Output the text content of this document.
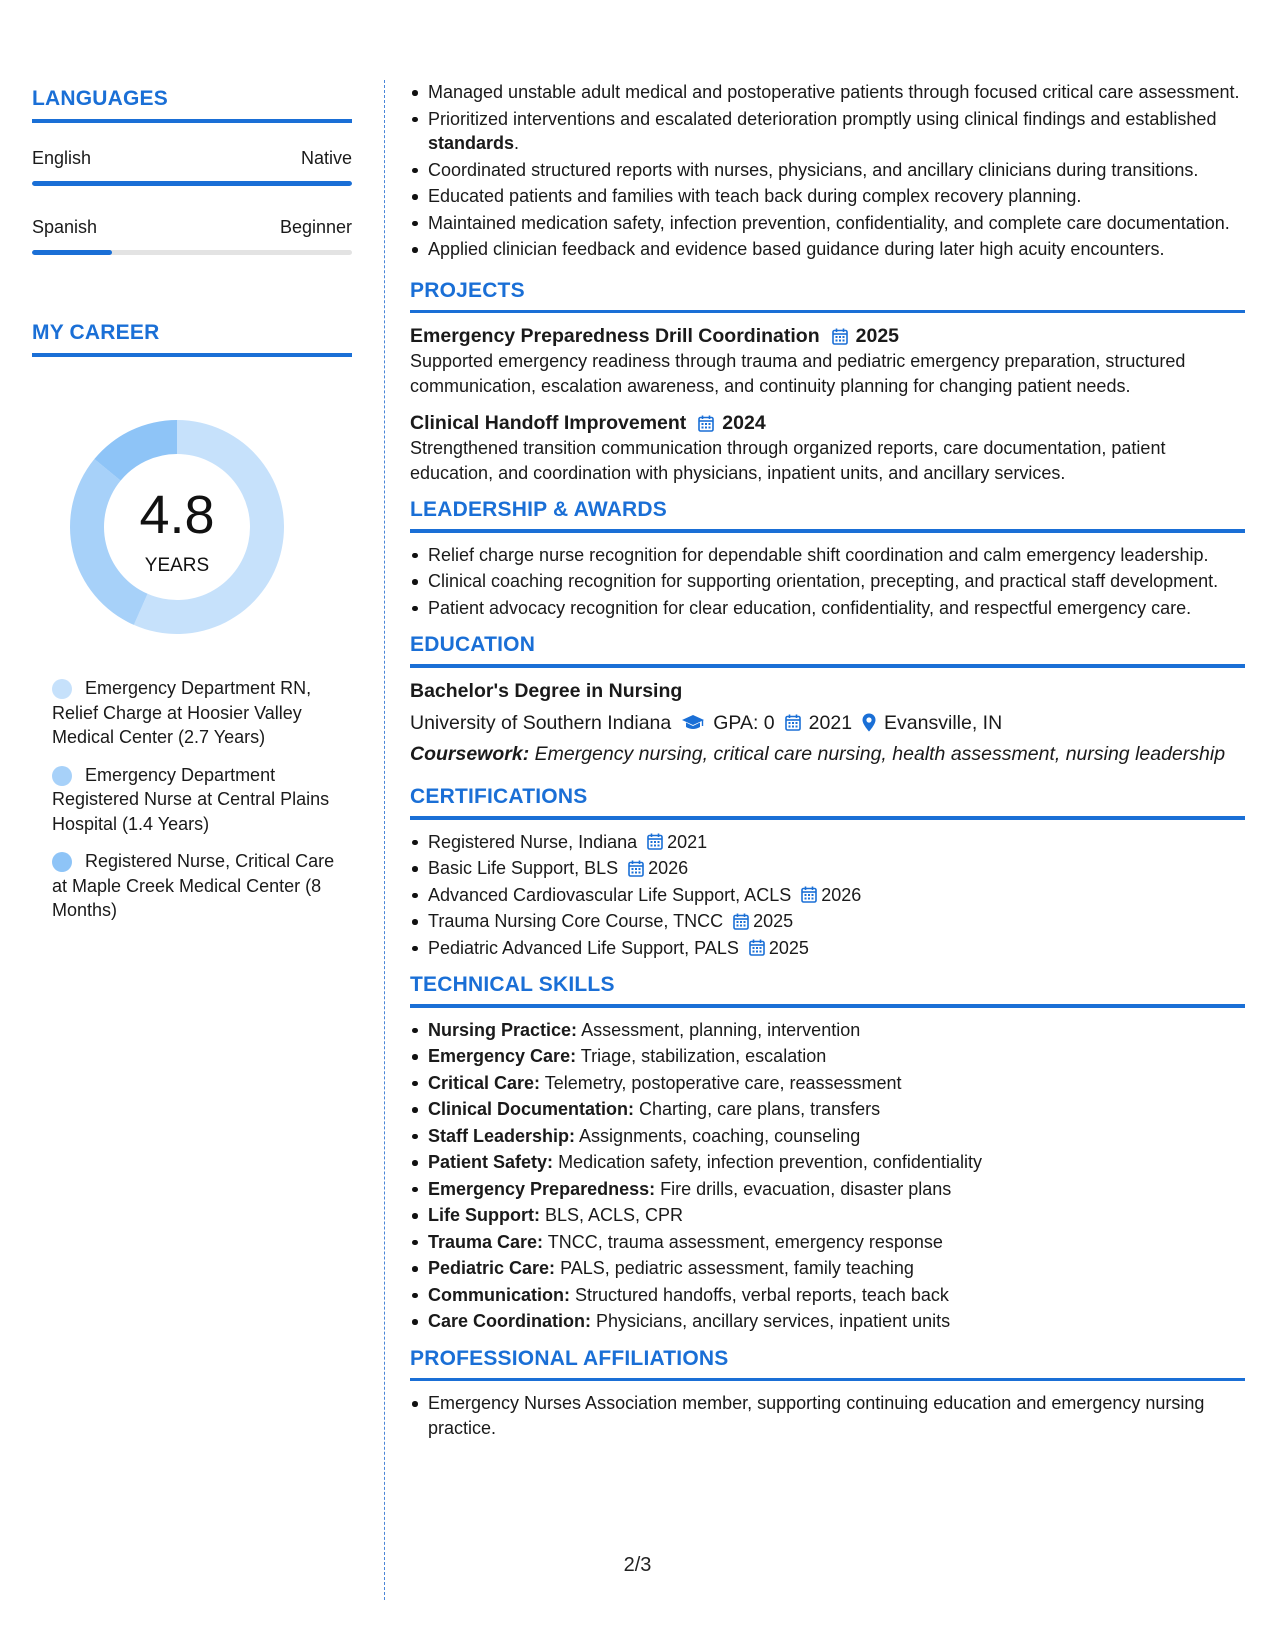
LANGUAGES
English	Native
Spanish	Beginner
MY CAREER
4.8
YEARS
Emergency Department RN, Relief Charge at Hoosier Valley Medical Center (2.7 Years)
Emergency Department Registered Nurse at Central Plains Hospital (1.4 Years)
Registered Nurse, Critical Care at Maple Creek Medical Center (8 Months)
Managed unstable adult medical and postoperative patients through focused critical care assessment.
Prioritized interventions and escalated deterioration promptly using clinical findings and established standards.
Coordinated structured reports with nurses, physicians, and ancillary clinicians during transitions.
Educated patients and families with teach back during complex recovery planning.
Maintained medication safety, infection prevention, confidentiality, and complete care documentation.
Applied clinician feedback and evidence based guidance during later high acuity encounters.
PROJECTS
Emergency Preparedness Drill Coordination 2025
Supported emergency readiness through trauma and pediatric emergency preparation, structured communication, escalation awareness, and continuity planning for changing patient needs.
Clinical Handoff Improvement 2024
Strengthened transition communication through organized reports, care documentation, patient education, and coordination with physicians, inpatient units, and ancillary services.
LEADERSHIP & AWARDS
Relief charge nurse recognition for dependable shift coordination and calm emergency leadership.
Clinical coaching recognition for supporting orientation, precepting, and practical staff development.
Patient advocacy recognition for clear education, confidentiality, and respectful emergency care.
EDUCATION
Bachelor's Degree in Nursing
University of Southern Indiana GPA: 0 2021 Evansville, IN
Coursework: Emergency nursing, critical care nursing, health assessment, nursing leadership
CERTIFICATIONS
Registered Nurse, Indiana 2021
Basic Life Support, BLS 2026
Advanced Cardiovascular Life Support, ACLS 2026
Trauma Nursing Core Course, TNCC 2025
Pediatric Advanced Life Support, PALS 2025
TECHNICAL SKILLS
Nursing Practice: Assessment, planning, intervention
Emergency Care: Triage, stabilization, escalation
Critical Care: Telemetry, postoperative care, reassessment
Clinical Documentation: Charting, care plans, transfers
Staff Leadership: Assignments, coaching, counseling
Patient Safety: Medication safety, infection prevention, confidentiality
Emergency Preparedness: Fire drills, evacuation, disaster plans
Life Support: BLS, ACLS, CPR
Trauma Care: TNCC, trauma assessment, emergency response
Pediatric Care: PALS, pediatric assessment, family teaching
Communication: Structured handoffs, verbal reports, teach back
Care Coordination: Physicians, ancillary services, inpatient units
PROFESSIONAL AFFILIATIONS
Emergency Nurses Association member, supporting continuing education and emergency nursing practice.
2/3
